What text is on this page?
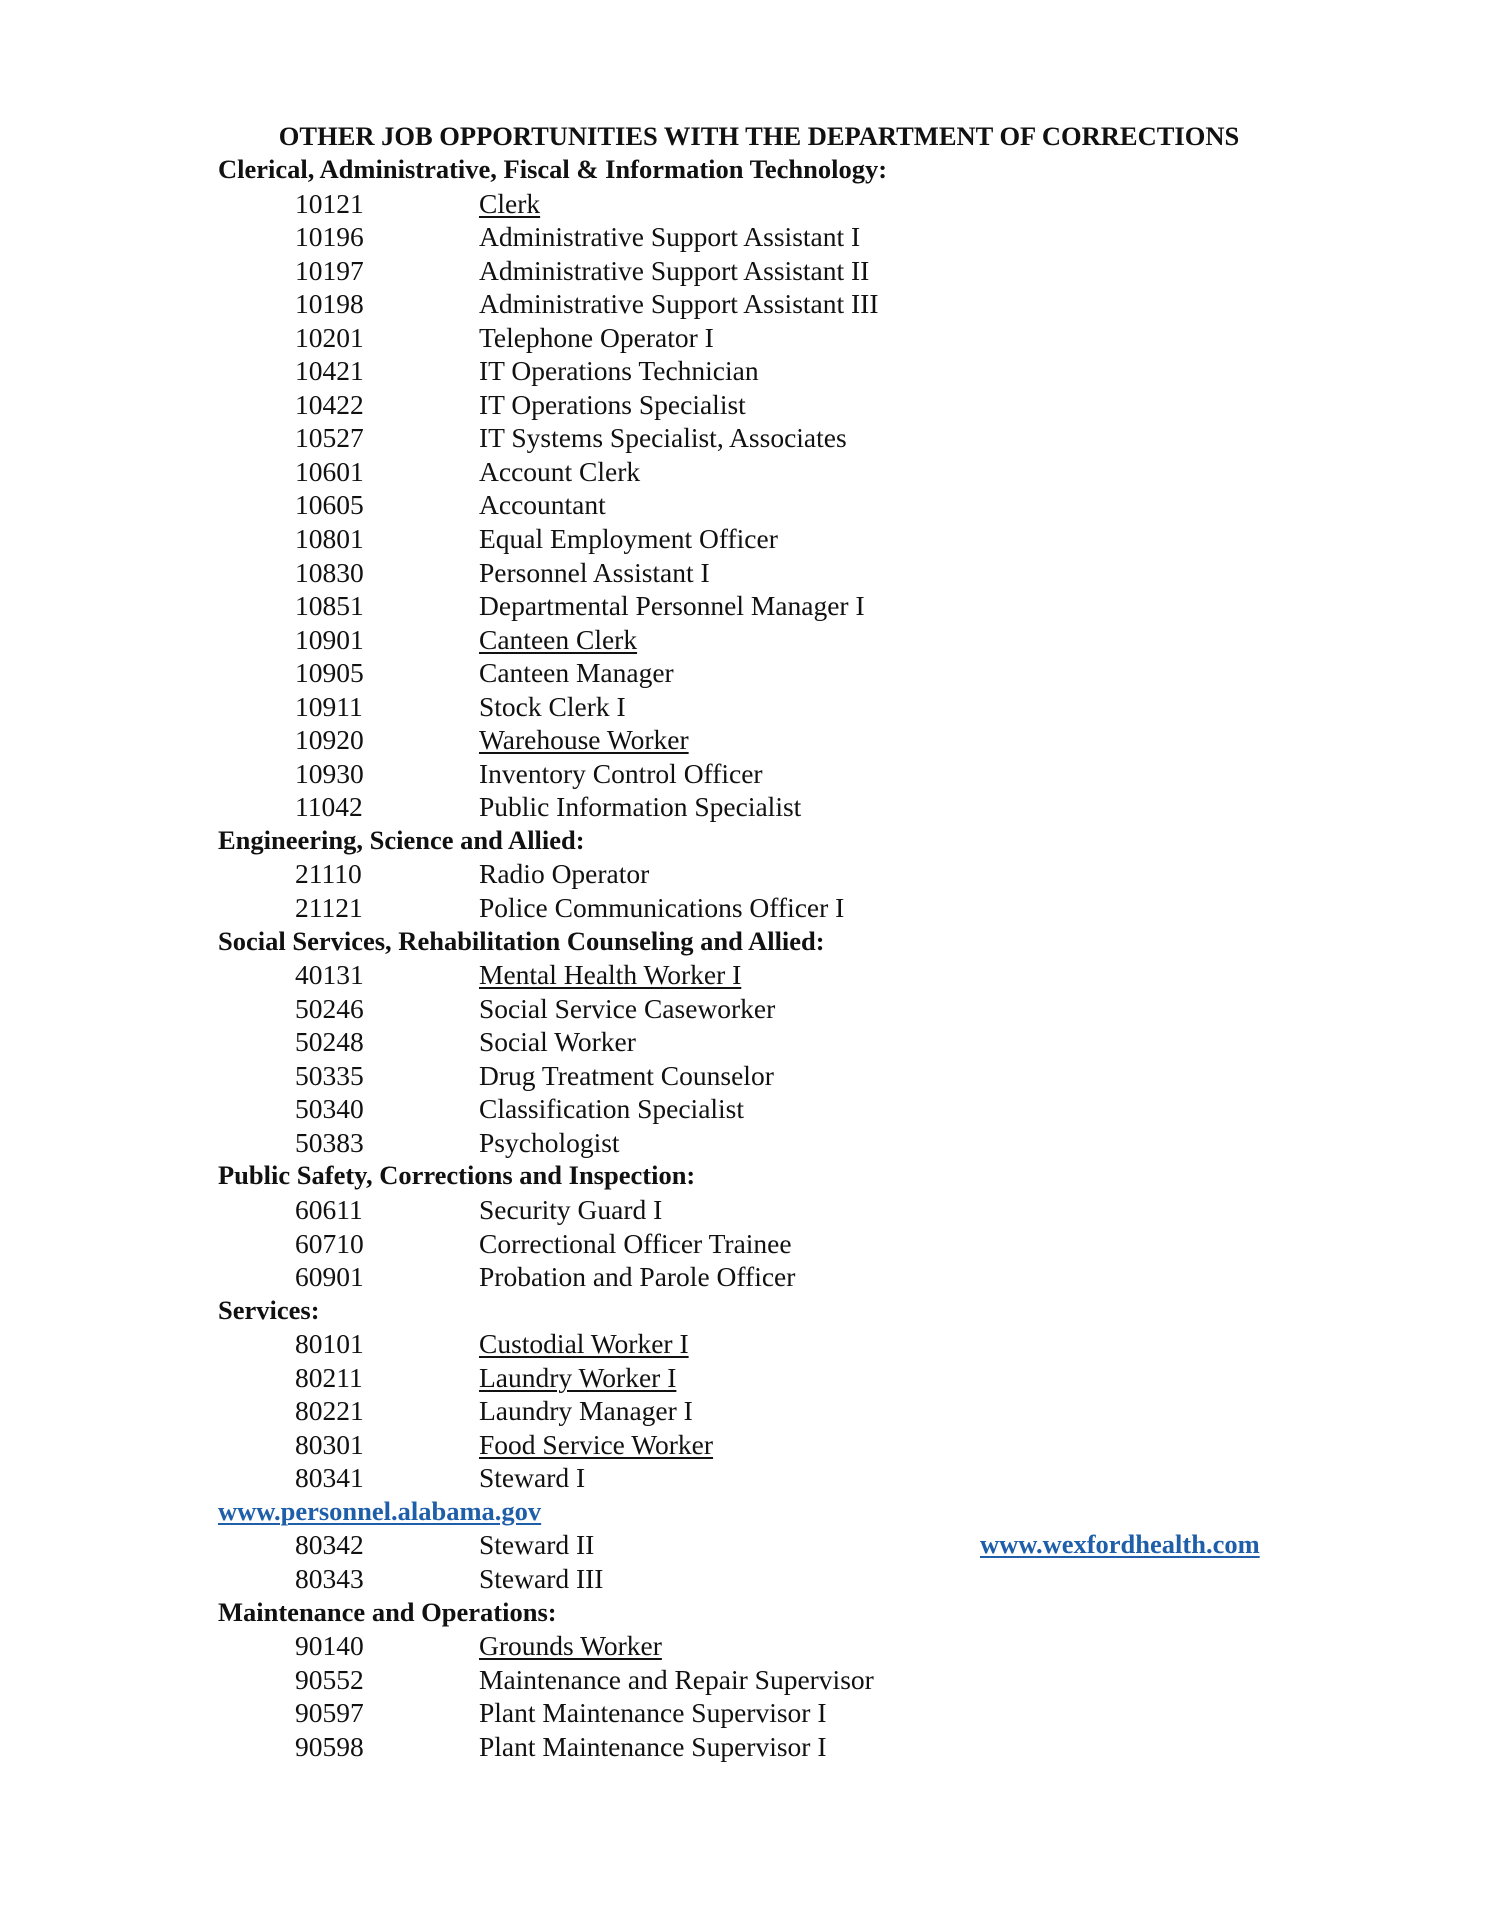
OTHER JOB OPPORTUNITIES WITH THE DEPARTMENT OF CORRECTIONS
Clerical, Administrative, Fiscal & Information Technology:
10121	Clerk
10196	Administrative Support Assistant I
10197	Administrative Support Assistant II
10198	Administrative Support Assistant III
10201	Telephone Operator I
10421	IT Operations Technician
10422	IT Operations Specialist
10527	IT Systems Specialist, Associates
10601	Account Clerk
10605	Accountant
10801	Equal Employment Officer
10830	Personnel Assistant I
10851	Departmental Personnel Manager I
10901	Canteen Clerk
10905	Canteen Manager
10911	Stock Clerk I
10920	Warehouse Worker
10930	Inventory Control Officer
11042	Public Information Specialist
Engineering, Science and Allied:
21110	Radio Operator
21121	Police Communications Officer I
Social Services, Rehabilitation Counseling and Allied:
40131	Mental Health Worker I
50246	Social Service Caseworker
50248	Social Worker
50335	Drug Treatment Counselor
50340	Classification Specialist
50383	Psychologist
Public Safety, Corrections and Inspection:
60611	Security Guard I
60710	Correctional Officer Trainee
60901	Probation and Parole Officer
Services:
80101	Custodial Worker I
80211	Laundry Worker I
80221	Laundry Manager I
80301	Food Service Worker
80341	Steward I
www.personnel.alabama.gov
80342	Steward II	www.wexfordhealth.com
80343	Steward III
Maintenance and Operations:
90140	Grounds Worker
90552	Maintenance and Repair Supervisor
90597	Plant Maintenance Supervisor I
90598	Plant Maintenance Supervisor I
